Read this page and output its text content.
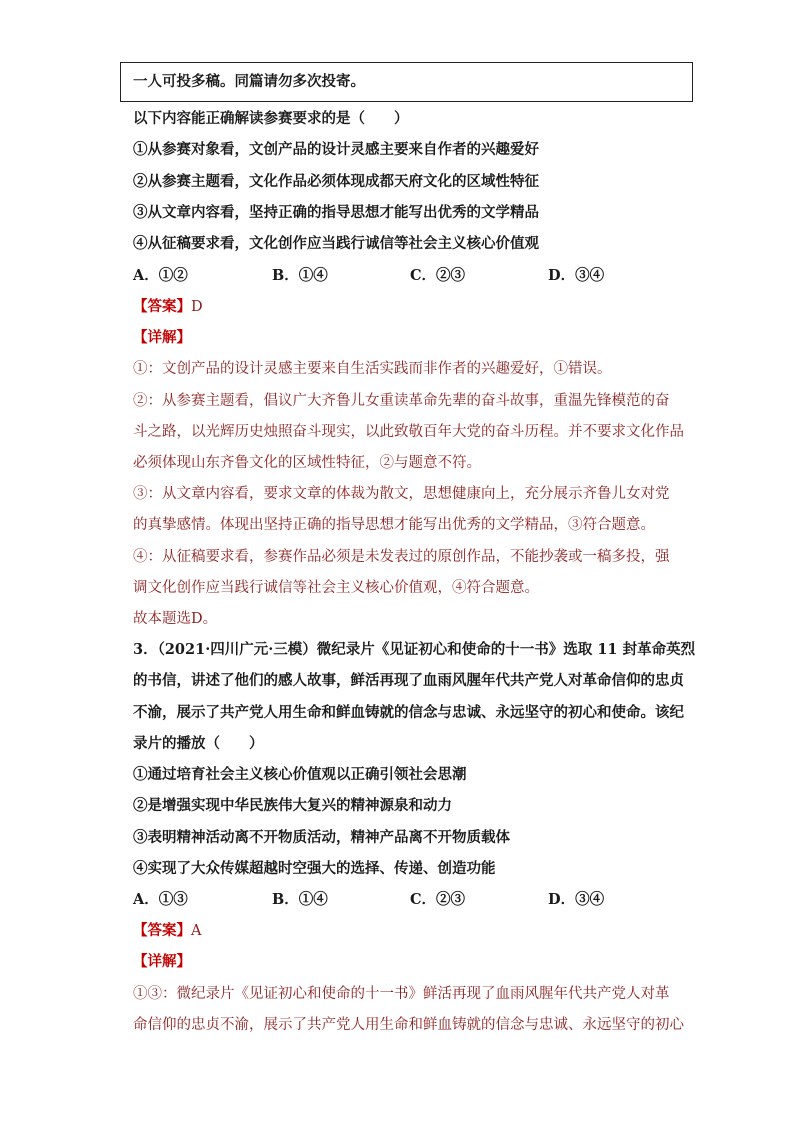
一人可投多稿。同篇请勿多次投寄。
以下内容能正确解读参赛要求的是（　　）
①从参赛对象看，文创产品的设计灵感主要来自作者的兴趣爱好
②从参赛主题看，文化作品必须体现成都天府文化的区域性特征
③从文章内容看，坚持正确的指导思想才能写出优秀的文学精品
④从征稿要求看，文化创作应当践行诚信等社会主义核心价值观
A．①②	B．①④	C．②③	D．③④
【答案】D
【详解】
①：文创产品的设计灵感主要来自生活实践而非作者的兴趣爱好，①错误。
②：从参赛主题看，倡议广大齐鲁儿女重读革命先辈的奋斗故事，重温先锋模范的奋
斗之路，以光辉历史烛照奋斗现实，以此致敬百年大党的奋斗历程。并不要求文化作品
必须体现山东齐鲁文化的区域性特征，②与题意不符。
③：从文章内容看，要求文章的体裁为散文，思想健康向上，充分展示齐鲁儿女对党
的真挚感情。体现出坚持正确的指导思想才能写出优秀的文学精品，③符合题意。
④：从征稿要求看，参赛作品必须是未发表过的原创作品，不能抄袭或一稿多投，强
调文化创作应当践行诚信等社会主义核心价值观，④符合题意。
故本题选D。
3．（2021·四川广元·三模）微纪录片《见证初心和使命的十一书》选取 11 封革命英烈
的书信，讲述了他们的感人故事，鲜活再现了血雨风腥年代共产党人对革命信仰的忠贞
不渝，展示了共产党人用生命和鲜血铸就的信念与忠诚、永远坚守的初心和使命。该纪
录片的播放（　　）
①通过培育社会主义核心价值观以正确引领社会思潮
②是增强实现中华民族伟大复兴的精神源泉和动力
③表明精神活动离不开物质活动，精神产品离不开物质载体
④实现了大众传媒超越时空强大的选择、传递、创造功能
A．①③	B．①④	C．②③	D．③④
【答案】A
【详解】
①③：微纪录片《见证初心和使命的十一书》鲜活再现了血雨风腥年代共产党人对革
命信仰的忠贞不渝，展示了共产党人用生命和鲜血铸就的信念与忠诚、永远坚守的初心
